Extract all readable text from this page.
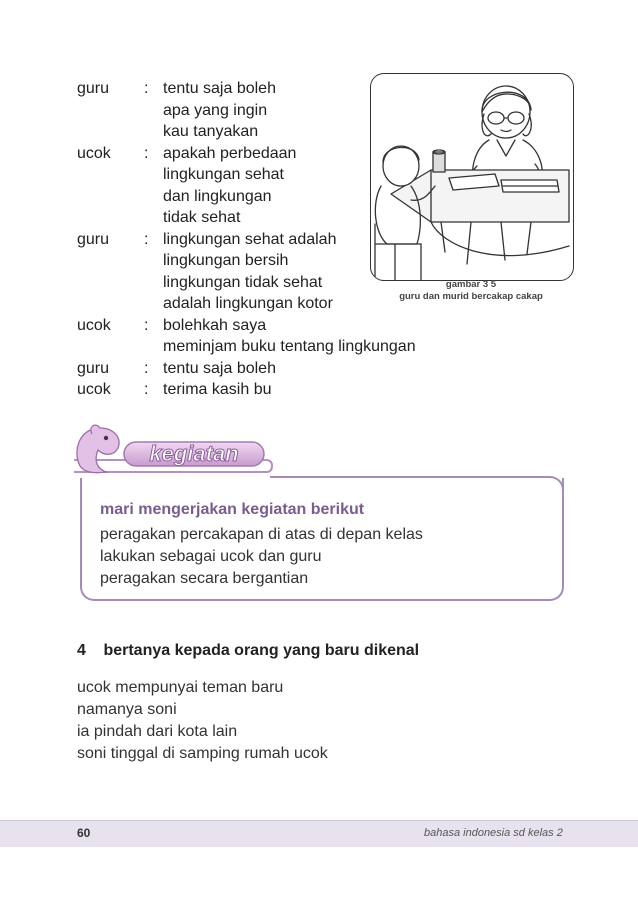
guru : tentu saja boleh
apa yang ingin
kau tanyakan
ucok : apakah perbedaan
lingkungan sehat
dan lingkungan
tidak sehat
guru : lingkungan sehat adalah
lingkungan bersih
lingkungan tidak sehat
adalah lingkungan kotor
ucok : bolehkah saya
meminjam buku tentang lingkungan
guru : tentu saja boleh
ucok : terima kasih bu
gambar 3 5
guru dan murid bercakap cakap
kegiatan
mari mengerjakan kegiatan berikut
peragakan percakapan di atas di depan kelas
lakukan sebagai ucok dan guru
peragakan secara bergantian
4 bertanya kepada orang yang baru dikenal
ucok mempunyai teman baru
namanya soni
ia pindah dari kota lain
soni tinggal di samping rumah ucok
60	bahasa indonesia sd kelas 2
